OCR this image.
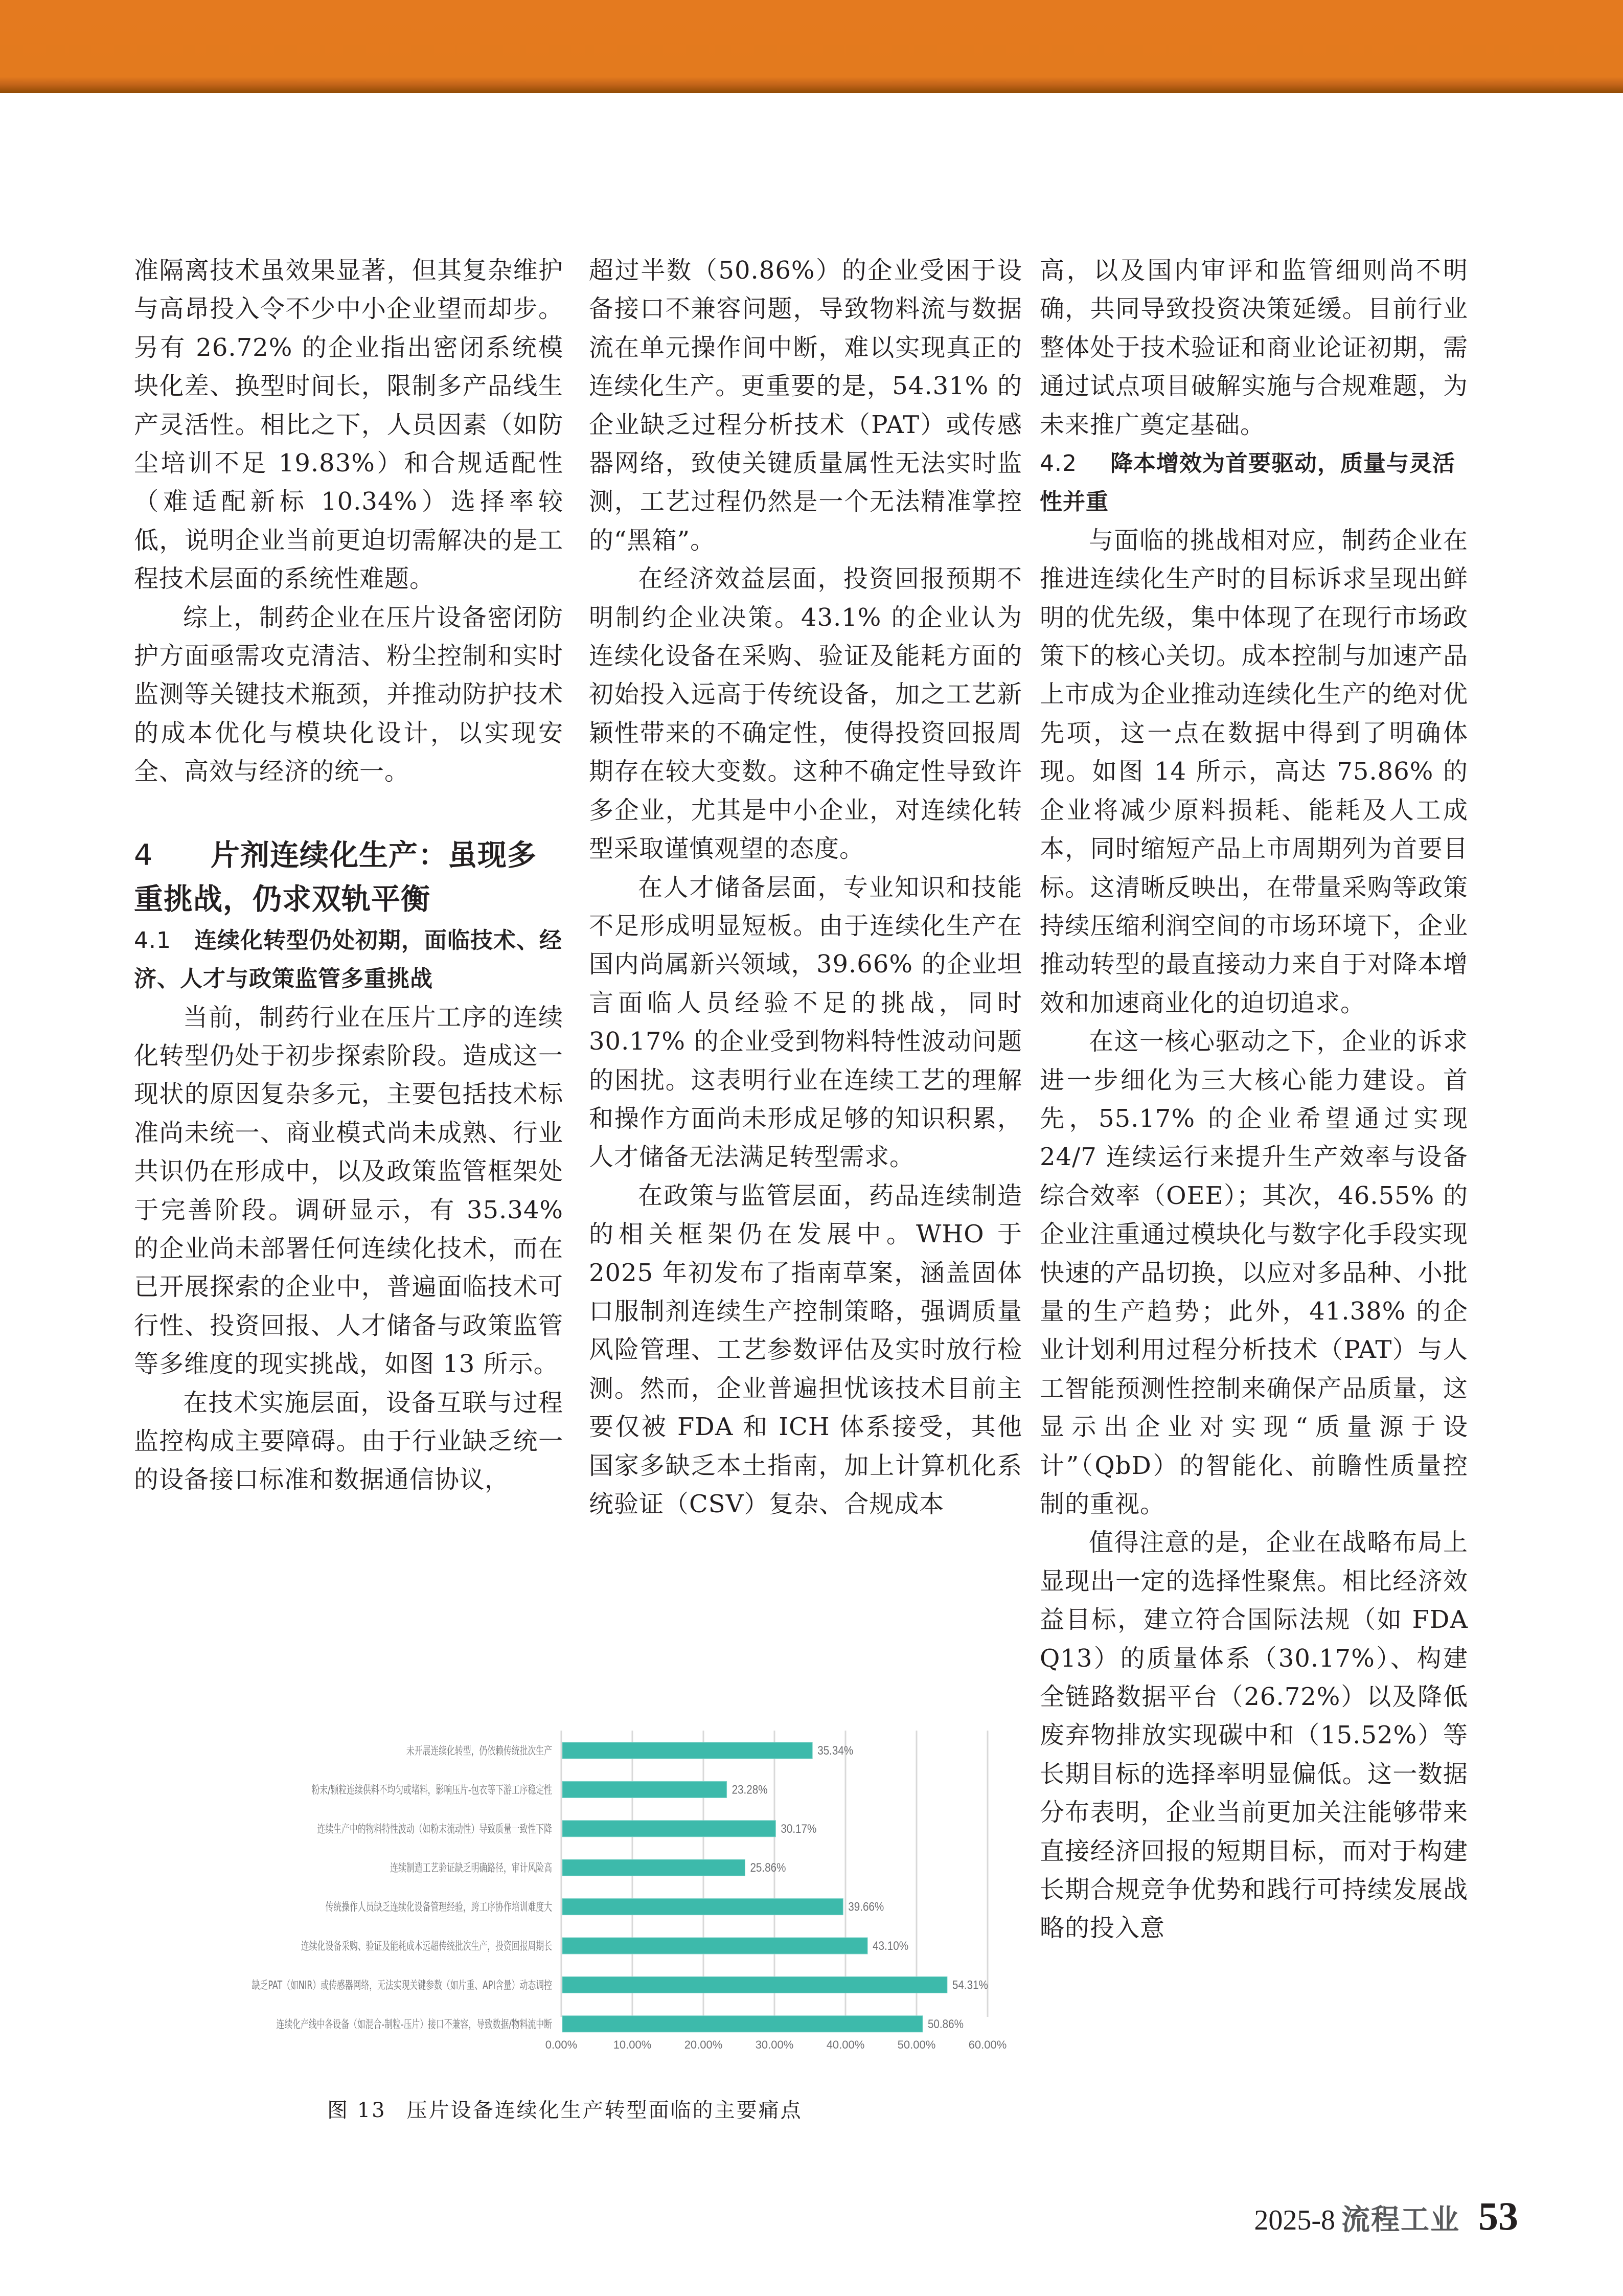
准隔离技术虽效果显著，但其复杂维护与高昂投入令不少中小企业望而却步。另有 26.72% 的企业指出密闭系统模块化差、换型时间长，限制多产品线生产灵活性。相比之下，人员因素（如防尘培训不足 19.83%）和合规适配性（难适配新标 10.34%）选择率较低，说明企业当前更迫切需解决的是工程技术层面的系统性难题。

综上，制药企业在压片设备密闭防护方面亟需攻克清洁、粉尘控制和实时监测等关键技术瓶颈，并推动防护技术的成本优化与模块化设计，以实现安全、高效与经济的统一。

4 片剂连续化生产：虽现多重挑战，仍求双轨平衡
4.1 连续化转型仍处初期，面临技术、经济、人才与政策监管多重挑战

当前，制药行业在压片工序的连续化转型仍处于初步探索阶段。造成这一现状的原因复杂多元，主要包括技术标准尚未统一、商业模式尚未成熟、行业共识仍在形成中，以及政策监管框架处于完善阶段。调研显示，有 35.34% 的企业尚未部署任何连续化技术，而在已开展探索的企业中，普遍面临技术可行性、投资回报、人才储备与政策监管等多维度的现实挑战，如图 13 所示。

在技术实施层面，设备互联与过程监控构成主要障碍。由于行业缺乏统一的设备接口标准和数据通信协议，

超过半数（50.86%）的企业受困于设备接口不兼容问题，导致物料流与数据流在单元操作间中断，难以实现真正的连续化生产。更重要的是，54.31% 的企业缺乏过程分析技术（PAT）或传感器网络，致使关键质量属性无法实时监测，工艺过程仍然是一个无法精准掌控的“黑箱”。

在经济效益层面，投资回报预期不明制约企业决策。43.1% 的企业认为连续化设备在采购、验证及能耗方面的初始投入远高于传统设备，加之工艺新颖性带来的不确定性，使得投资回报周期存在较大变数。这种不确定性导致许多企业，尤其是中小企业，对连续化转型采取谨慎观望的态度。

在人才储备层面，专业知识和技能不足形成明显短板。由于连续化生产在国内尚属新兴领域，39.66% 的企业坦言面临人员经验不足的挑战，同时 30.17% 的企业受到物料特性波动问题的困扰。这表明行业在连续工艺的理解和操作方面尚未形成足够的知识积累，人才储备无法满足转型需求。

在政策与监管层面，药品连续制造的相关框架仍在发展中。WHO 于 2025 年初发布了指南草案，涵盖固体口服制剂连续生产控制策略，强调质量风险管理、工艺参数评估及实时放行检测。然而，企业普遍担忧该技术目前主要仅被 FDA 和 ICH 体系接受，其他国家多缺乏本土指南，加上计算机化系统验证（CSV）复杂、合规成本

高，以及国内审评和监管细则尚不明确，共同导致投资决策延缓。目前行业整体处于技术验证和商业论证初期，需通过试点项目破解实施与合规难题，为未来推广奠定基础。

4.2 降本增效为首要驱动，质量与灵活性并重

与面临的挑战相对应，制药企业在推进连续化生产时的目标诉求呈现出鲜明的优先级，集中体现了在现行市场政策下的核心关切。成本控制与加速产品上市成为企业推动连续化生产的绝对优先项，这一点在数据中得到了明确体现。如图 14 所示，高达 75.86% 的企业将减少原料损耗、能耗及人工成本，同时缩短产品上市周期列为首要目标。这清晰反映出，在带量采购等政策持续压缩利润空间的市场环境下，企业推动转型的最直接动力来自于对降本增效和加速商业化的迫切追求。

在这一核心驱动之下，企业的诉求进一步细化为三大核心能力建设。首先，55.17% 的企业希望通过实现 24/7 连续运行来提升生产效率与设备综合效率（OEE）；其次，46.55% 的企业注重通过模块化与数字化手段实现快速的产品切换，以应对多品种、小批量的生产趋势；此外，41.38% 的企业计划利用过程分析技术（PAT）与人工智能预测性控制来确保产品质量，这显示出企业对实现“质量源于设计”（QbD）的智能化、前瞻性质量控制的重视。

值得注意的是，企业在战略布局上显现出一定的选择性聚焦。相比经济效益目标，建立符合国际法规（如 FDA Q13）的质量体系（30.17%）、构建全链路数据平台（26.72%）以及降低废弃物排放实现碳中和（15.52%）等长期目标的选择率明显偏低。这一数据分布表明，企业当前更加关注能够带来直接经济回报的短期目标，而对于构建长期合规竞争优势和践行可持续发展战略的投入意

0.00%	10.00%	20.00%	30.00%	40.00%	50.00%	60.00%
35.34%
未开展连续化转型，仍依赖传统批次生产
23.28%
粉末/颗粒连续供料不均匀或堵料，影响压片-包衣等下游工序稳定性
30.17%
连续生产中的物料特性波动（如粉末流动性）导致质量一致性下降
25.86%
连续制造工艺验证缺乏明确路径，审计风险高
39.66%
传统操作人员缺乏连续化设备管理经验，跨工序协作培训难度大
43.10%
连续化设备采购、验证及能耗成本远超传统批次生产，投资回报周期长
54.31%
缺乏PAT（如NIR）或传感器网络，无法实现关键参数（如片重、API含量）动态调控
50.86%
连续化产线中各设备（如混合-制粒-压片）接口不兼容，导致数据/物料流中断
图 13 压片设备连续化生产转型面临的主要痛点
2025-8 流程工业 53
